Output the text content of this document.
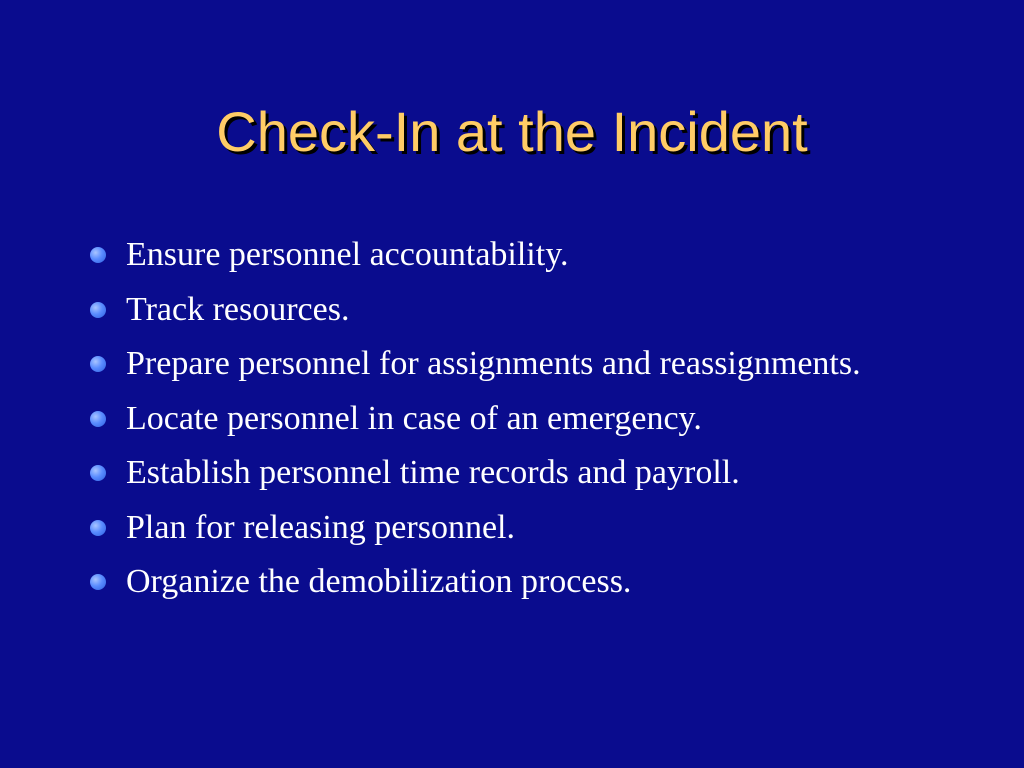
Check-In at the Incident
Ensure personnel accountability.
Track resources.
Prepare personnel for assignments and reassignments.
Locate personnel in case of an emergency.
Establish personnel time records and payroll.
Plan for releasing personnel.
Organize the demobilization process.
